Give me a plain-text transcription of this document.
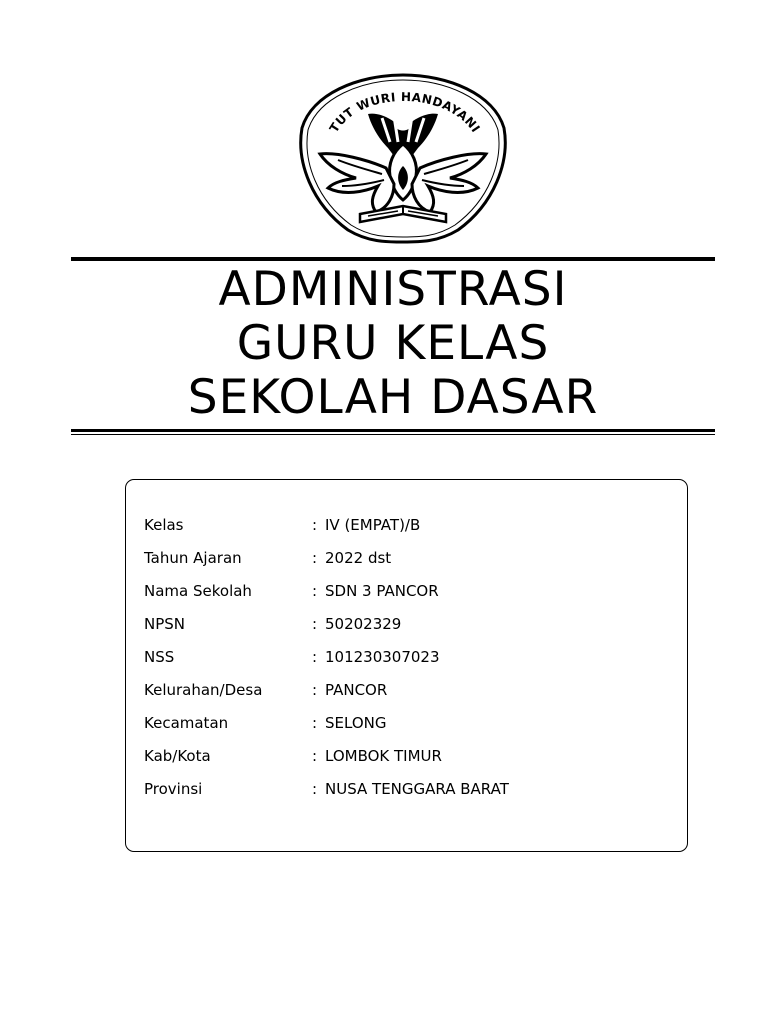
TUT WURI HANDAYANI
ADMINISTRASI
GURU KELAS
SEKOLAH DASAR
Kelas	: IV (EMPAT)/B
Tahun Ajaran	: 2022 dst
Nama Sekolah	: SDN 3 PANCOR
NPSN	: 50202329
NSS	: 101230307023
Kelurahan/Desa	: PANCOR
Kecamatan	: SELONG
Kab/Kota	: LOMBOK TIMUR
Provinsi	: NUSA TENGGARA BARAT
